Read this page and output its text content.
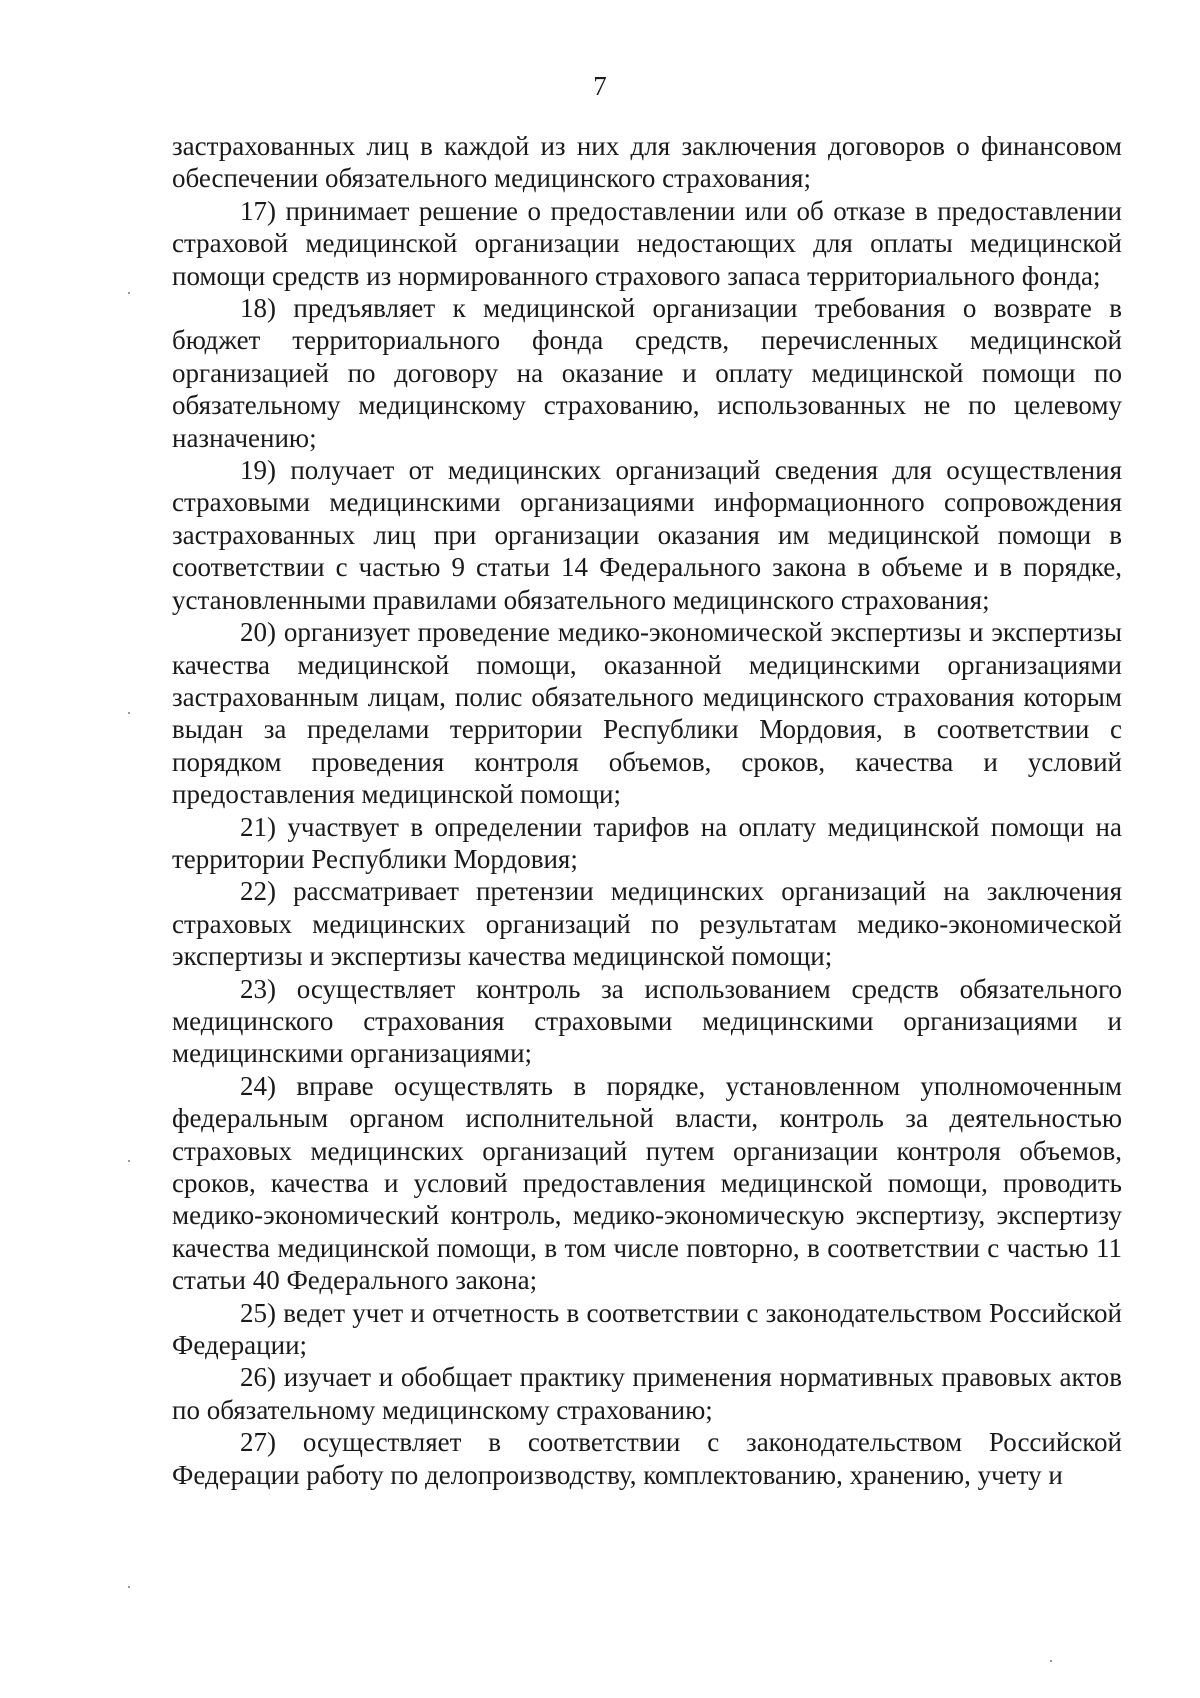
7

застрахованных лиц в каждой из них для заключения договоров о финансовом обеспечении обязательного медицинского страхования;

17) принимает решение о предоставлении или об отказе в предоставлении страховой медицинской организации недостающих для оплаты медицинской помощи средств из нормированного страхового запаса территориального фонда;

18) предъявляет к медицинской организации требования о возврате в бюджет территориального фонда средств, перечисленных медицинской организацией по договору на оказание и оплату медицинской помощи по обязательному медицинскому страхованию, использованных не по целевому назначению;

19) получает от медицинских организаций сведения для осуществления страховыми медицинскими организациями информационного сопровождения застрахованных лиц при организации оказания им медицинской помощи в соответствии с частью 9 статьи 14 Федерального закона в объеме и в порядке, установленными правилами обязательного медицинского страхования;

20) организует проведение медико-экономической экспертизы и экспертизы качества медицинской помощи, оказанной медицинскими организациями застрахованным лицам, полис обязательного медицинского страхования которым выдан за пределами территории Республики Мордовия, в соответствии с порядком проведения контроля объемов, сроков, качества и условий предоставления медицинской помощи;

21) участвует в определении тарифов на оплату медицинской помощи на территории Республики Мордовия;

22) рассматривает претензии медицинских организаций на заключения страховых медицинских организаций по результатам медико-экономической экспертизы и экспертизы качества медицинской помощи;

23) осуществляет контроль за использованием средств обязательного медицинского страхования страховыми медицинскими организациями и медицинскими организациями;

24) вправе осуществлять в порядке, установленном уполномоченным федеральным органом исполнительной власти, контроль за деятельностью страховых медицинских организаций путем организации контроля объемов, сроков, качества и условий предоставления медицинской помощи, проводить медико-экономический контроль, медико-экономическую экспертизу, экспертизу качества медицинской помощи, в том числе повторно, в соответствии с частью 11 статьи 40 Федерального закона;

25) ведет учет и отчетность в соответствии с законодательством Российской Федерации;

26) изучает и обобщает практику применения нормативных правовых актов по обязательному медицинскому страхованию;

27) осуществляет в соответствии с законодательством Российской Федерации работу по делопроизводству, комплектованию, хранению, учету и
